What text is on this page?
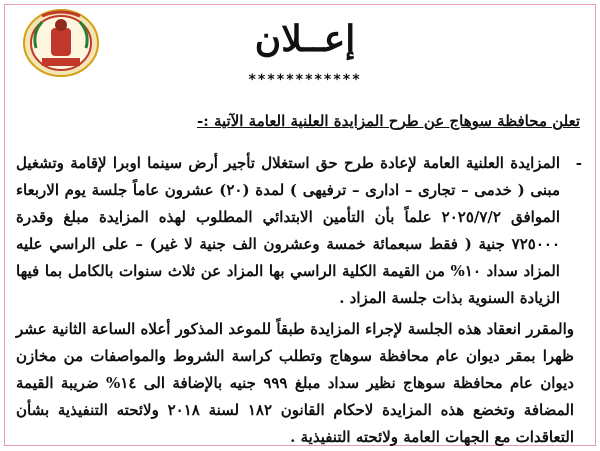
إعــلان
************
تعلن محافظة سوهاج عن طرح المزايدة العلنية العامة الآتية :-
-

المزايدة العلنية العامة لإعادة طرح حق استغلال تأجير أرض سينما اوبرا لإقامة وتشغيل مبنى ( خدمى – تجارى – ادارى – ترفيهى ) لمدة (٢٠) عشرون عاماً جلسة يوم الاربعاء الموافق ٢٠٢٥/٧/٢ علماً بأن التأمين الابتدائي المطلوب لهذه المزايدة مبلغ وقدرة ٧٢٥٠٠٠ جنية ( فقط سبعمائة خمسة وعشرون الف جنية لا غير) – على الراسي عليه المزاد سداد ١٠% من القيمة الكلية الراسي بها المزاد عن ثلاث سنوات بالكامل بما فيها الزيادة السنوية بذات جلسة المزاد .

والمقرر انعقاد هذه الجلسة لإجراء المزايدة طبقاً للموعد المذكور أعلاه الساعة الثانية عشر ظهرا بمقر ديوان عام محافظة سوهاج وتطلب كراسة الشروط والمواصفات من مخازن ديوان عام محافظة سوهاج نظير سداد مبلغ ٩٩٩ جنيه بالإضافة الى ١٤% ضريبة القيمة المضافة وتخضع هذه المزايدة لاحكام القانون ١٨٢ لسنة ٢٠١٨ ولائحته التنفيذية بشأن التعاقدات مع الجهات العامة ولائحته التنفيذية .
